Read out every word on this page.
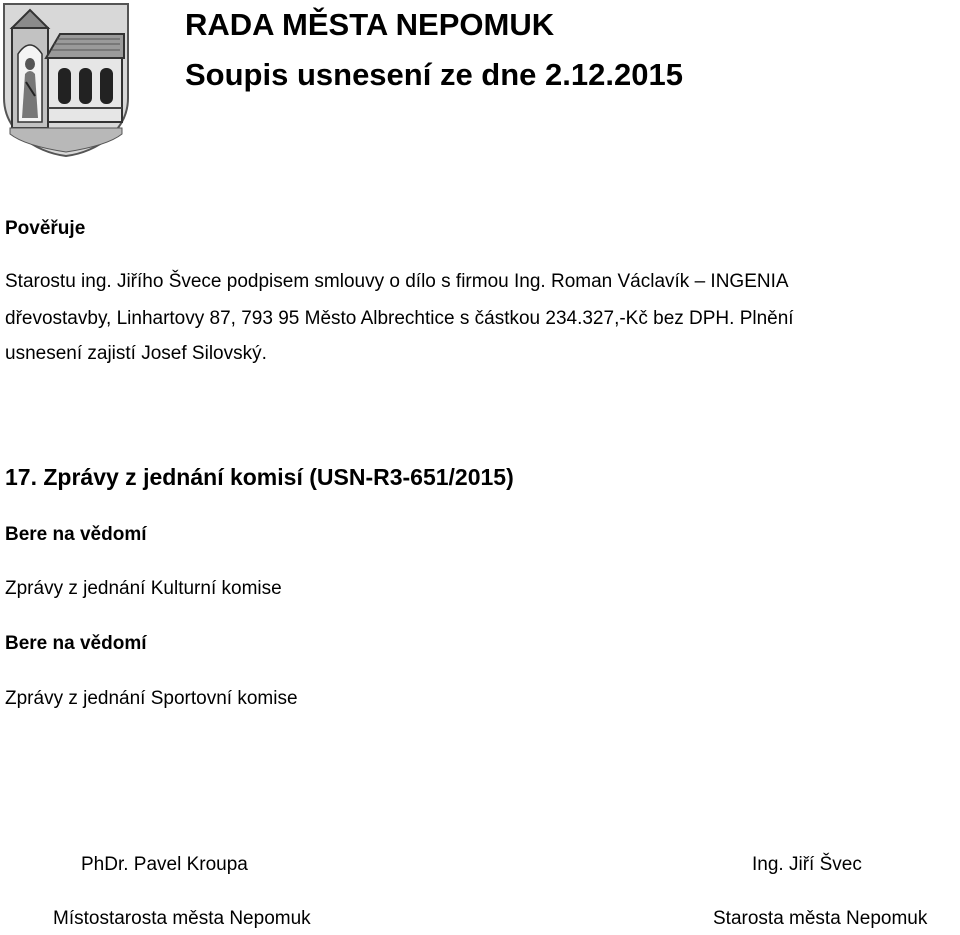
RADA MĚSTA NEPOMUK
Soupis usnesení ze dne 2.12.2015

Pověřuje

Starostu ing. Jiřího Švece podpisem smlouvy o dílo s firmou Ing. Roman Václavík – INGENIA

dřevostavby, Linhartovy 87, 793 95 Město Albrechtice s částkou 234.327,-Kč bez DPH. Plnění

usnesení zajistí Josef Silovský.

17. Zprávy z jednání komisí (USN-R3-651/2015)

Bere na vědomí

Zprávy z jednání Kulturní komise

Bere na vědomí

Zprávy z jednání Sportovní komise

PhDr. Pavel Kroupa

Místostarosta města Nepomuk

Ing. Jiří Švec

Starosta města Nepomuk
